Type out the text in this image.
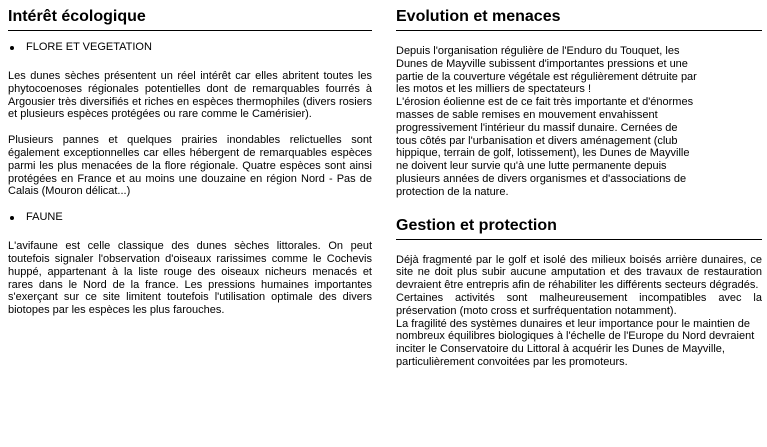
Intérêt écologique
FLORE ET VEGETATION

Les dunes sèches présentent un réel intérêt car elles abritent toutes les phytocoenoses régionales potentielles dont de remarquables fourrés à Argousier très diversifiés et riches en espèces thermophiles (divers rosiers et plusieurs espèces protégées ou rare comme le Camérisier).

Plusieurs pannes et quelques prairies inondables relictuelles sont également exceptionnelles car elles hébergent de remarquables espèces parmi les plus menacées de la flore régionale. Quatre espèces sont ainsi protégées en France et au moins une douzaine en région Nord - Pas de Calais (Mouron délicat...)

FAUNE

L'avifaune est celle classique des dunes sèches littorales. On peut toutefois signaler l'observation d'oiseaux rarissimes comme le Cochevis huppé, appartenant à la liste rouge des oiseaux nicheurs menacés et rares dans le Nord de la france. Les pressions humaines importantes s'exerçant sur ce site limitent toutefois l'utilisation optimale des divers biotopes par les espèces les plus farouches.

Evolution et menaces
Depuis l'organisation régulière de l'Enduro du Touquet, les
Dunes de Mayville subissent d'importantes pressions et une
partie de la couverture végétale est régulièrement détruite par
les motos et les milliers de spectateurs !
L'érosion éolienne est de ce fait très importante et d'énormes
masses de sable remises en mouvement envahissent
progressivement l'intérieur du massif dunaire. Cernées de
tous côtés par l'urbanisation et divers aménagement (club
hippique, terrain de golf, lotissement), les Dunes de Mayville
ne doivent leur survie qu'à une lutte permanente depuis
plusieurs années de divers organismes et d'associations de
protection de la nature.
Gestion et protection

Déjà fragmenté par le golf et isolé des milieux boisés arrière dunaires, ce site ne doit plus subir aucune amputation et des travaux de restauration devraient être entrepris afin de réhabiliter les différents secteurs dégradés.

Certaines activités sont malheureusement incompatibles avec la préservation (moto cross et surfréquentation notamment).

La fragilité des systèmes dunaires et leur importance pour le maintien de nombreux équilibres biologiques à l'échelle de l'Europe du Nord devraient inciter le Conservatoire du Littoral à acquérir les Dunes de Mayville, particulièrement convoitées par les promoteurs.
